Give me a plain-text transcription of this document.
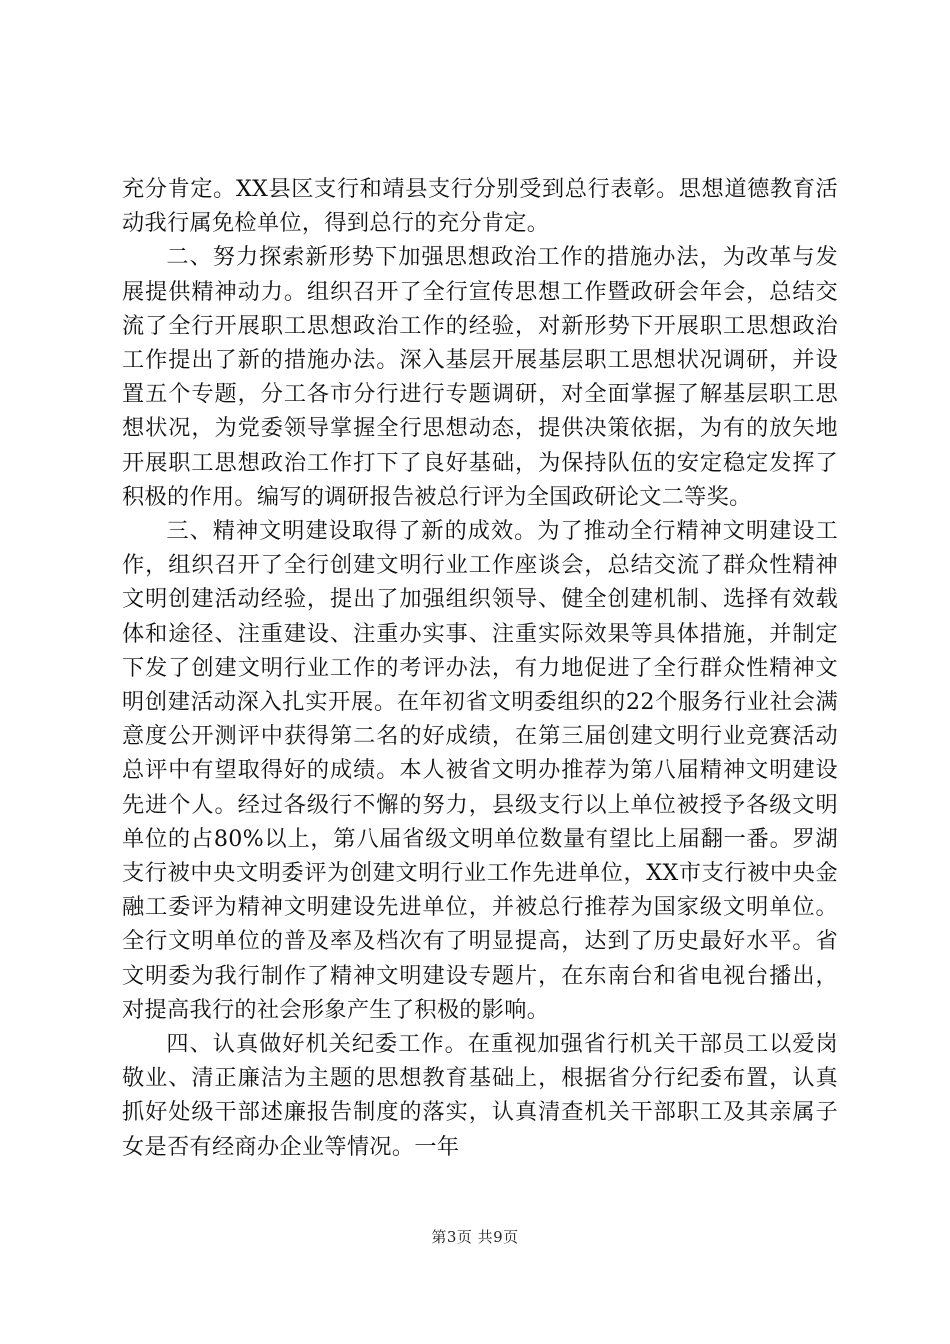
充分肯定。XX县区支行和靖县支行分别受到总行表彰。思想道德教育活动我行属免检单位，得到总行的充分肯定。

二、努力探索新形势下加强思想政治工作的措施办法，为改革与发展提供精神动力。组织召开了全行宣传思想工作暨政研会年会，总结交流了全行开展职工思想政治工作的经验，对新形势下开展职工思想政治工作提出了新的措施办法。深入基层开展基层职工思想状况调研，并设置五个专题，分工各市分行进行专题调研，对全面掌握了解基层职工思想状况，为党委领导掌握全行思想动态，提供决策依据，为有的放矢地开展职工思想政治工作打下了良好基础，为保持队伍的安定稳定发挥了积极的作用。编写的调研报告被总行评为全国政研论文二等奖。

三、精神文明建设取得了新的成效。为了推动全行精神文明建设工作，组织召开了全行创建文明行业工作座谈会，总结交流了群众性精神文明创建活动经验，提出了加强组织领导、健全创建机制、选择有效载体和途径、注重建设、注重办实事、注重实际效果等具体措施，并制定下发了创建文明行业工作的考评办法，有力地促进了全行群众性精神文明创建活动深入扎实开展。在年初省文明委组织的22个服务行业社会满意度公开测评中获得第二名的好成绩，在第三届创建文明行业竞赛活动总评中有望取得好的成绩。本人被省文明办推荐为第八届精神文明建设先进个人。经过各级行不懈的努力，县级支行以上单位被授予各级文明单位的占80%以上，第八届省级文明单位数量有望比上届翻一番。罗湖支行被中央文明委评为创建文明行业工作先进单位，XX市支行被中央金融工委评为精神文明建设先进单位，并被总行推荐为国家级文明单位。全行文明单位的普及率及档次有了明显提高，达到了历史最好水平。省文明委为我行制作了精神文明建设专题片，在东南台和省电视台播出，对提高我行的社会形象产生了积极的影响。

四、认真做好机关纪委工作。在重视加强省行机关干部员工以爱岗敬业、清正廉洁为主题的思想教育基础上，根据省分行纪委布置，认真抓好处级干部述廉报告制度的落实，认真清查机关干部职工及其亲属子女是否有经商办企业等情况。一年

第3页 共9页
